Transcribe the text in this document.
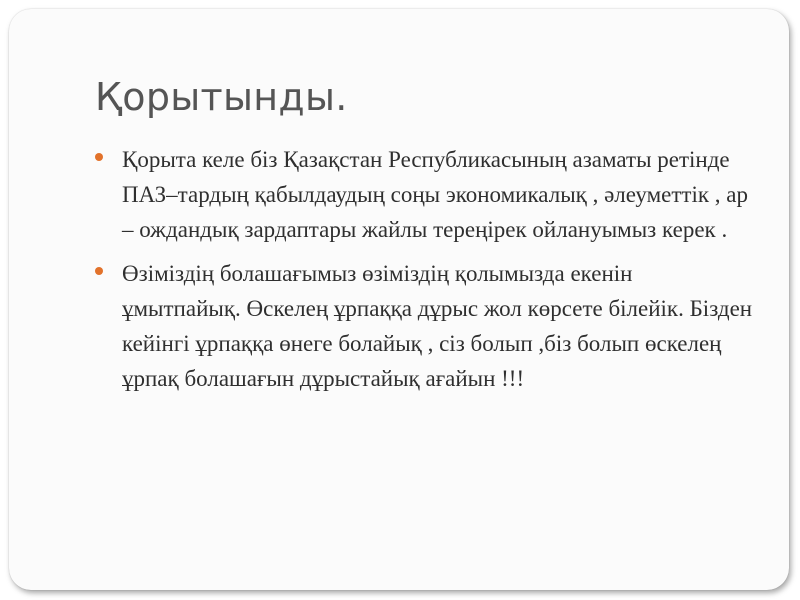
Қорытынды.
Қорыта келе біз Қазақстан Республикасының азаматы ретінде ПАЗ–тардың қабылдаудың соңы экономикалық , әлеуметтік , ар – ождандық зардаптары жайлы тереңірек ойлануымыз керек .
Өзіміздің болашағымыз өзіміздің қолымызда екенін ұмытпайық. Өскелең ұрпаққа дұрыс жол көрсете білейік. Бізден кейінгі ұрпаққа өнеге болайық , сіз болып ,біз болып өскелең ұрпақ болашағын дұрыстайық ағайын !!!
